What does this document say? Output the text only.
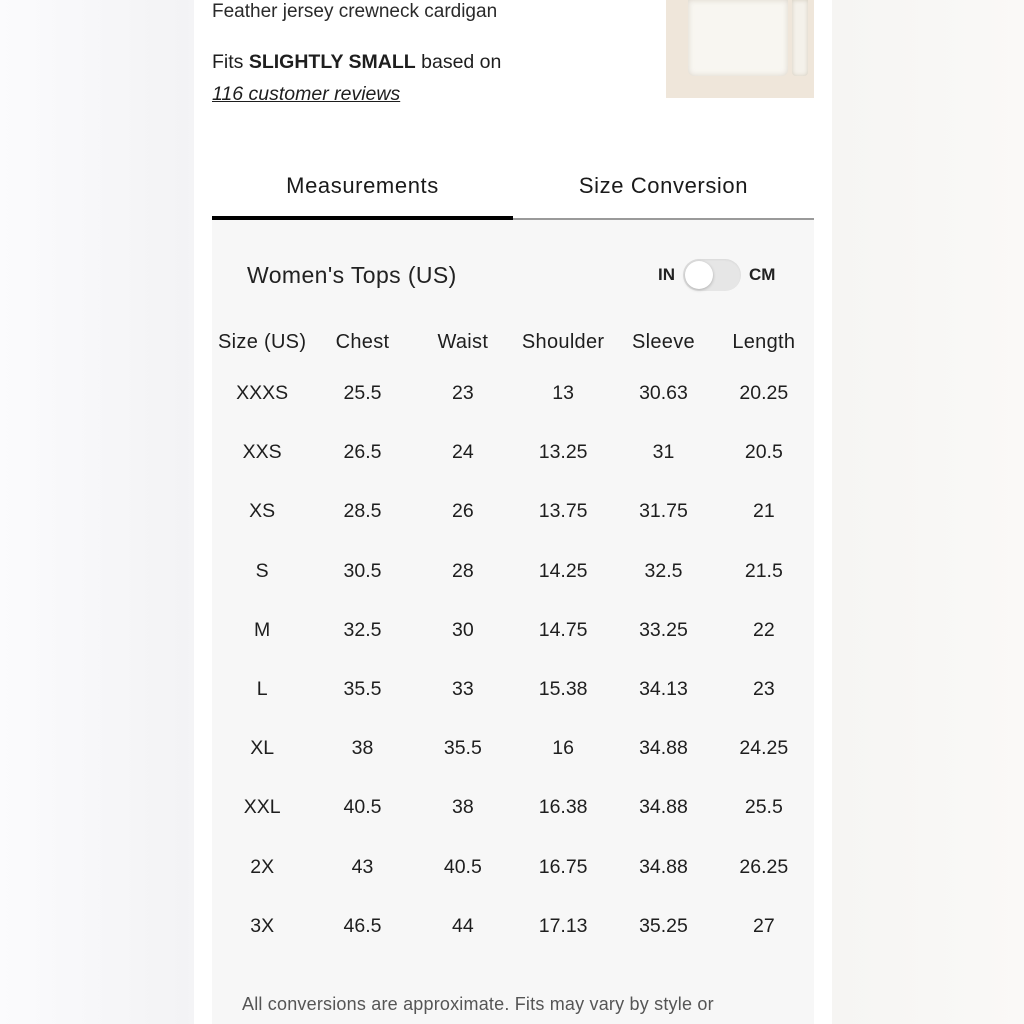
Feather jersey crewneck cardigan
Fits SLIGHTLY SMALL based on
116 customer reviews
Measurements	Size Conversion
Women's Tops (US)	IN	CM
Size (US)	Chest	Waist	Shoulder	Sleeve	Length
XXXS	25.5	23	13	30.63	20.25
XXS	26.5	24	13.25	31	20.5
XS	28.5	26	13.75	31.75	21
S	30.5	28	14.25	32.5	21.5
M	32.5	30	14.75	33.25	22
L	35.5	33	15.38	34.13	23
XL	38	35.5	16	34.88	24.25
XXL	40.5	38	16.38	34.88	25.5
2X	43	40.5	16.75	34.88	26.25
3X	46.5	44	17.13	35.25	27
All conversions are approximate. Fits may vary by style or
